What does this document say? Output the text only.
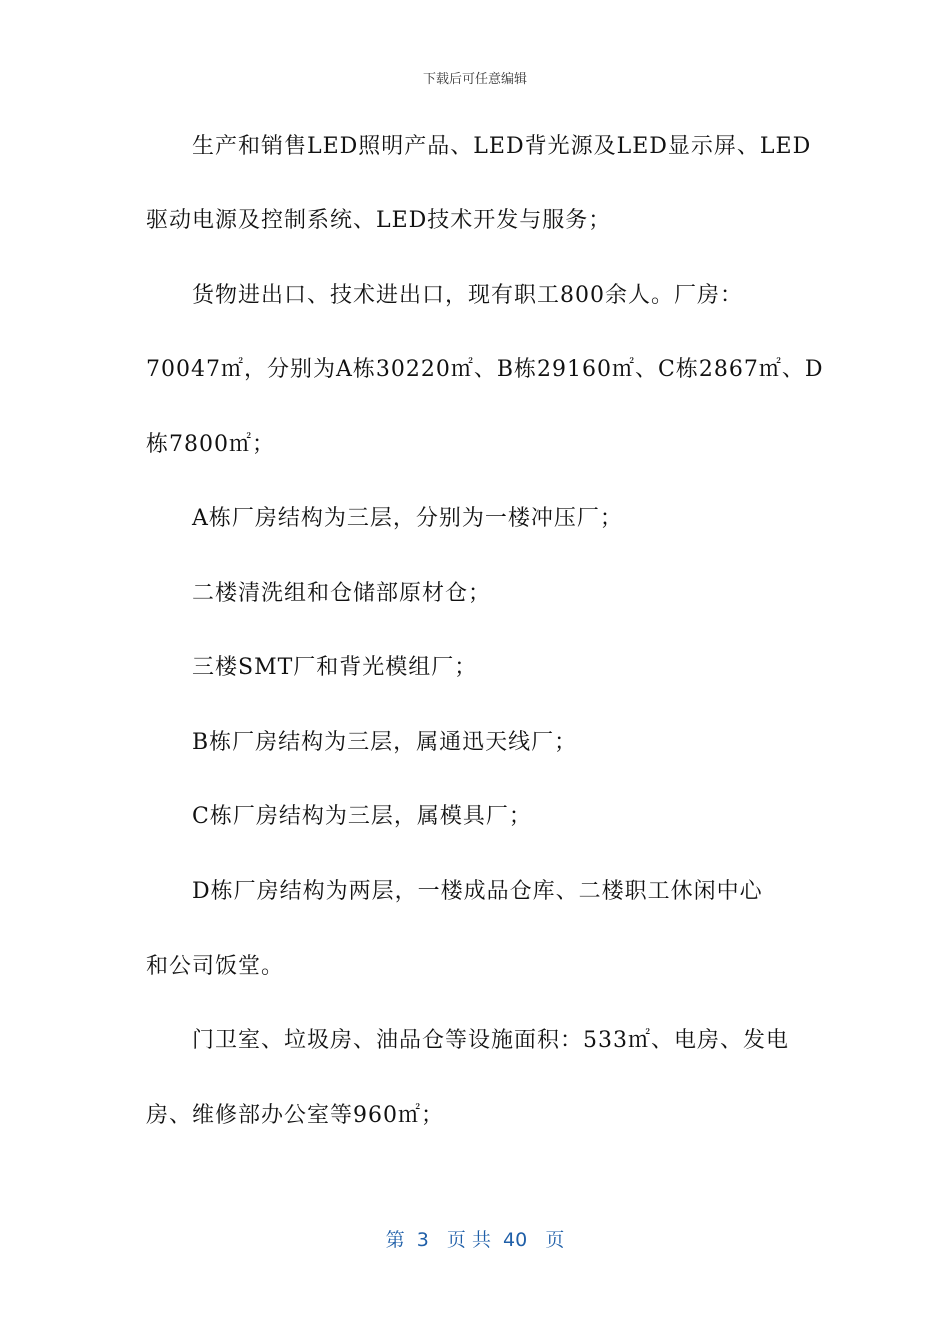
下载后可任意编辑
生产和销售LED照明产品、LED背光源及LED显示屏、LED
驱动电源及控制系统、LED技术开发与服务；
货物进出口、技术进出口，现有职工800余人。厂房：
70047㎡，分别为A栋30220㎡、B栋29160㎡、C栋2867㎡、D
栋7800㎡；
A栋厂房结构为三层，分别为一楼冲压厂；
二楼清洗组和仓储部原材仓；
三楼SMT厂和背光模组厂；
B栋厂房结构为三层，属通迅天线厂；
C栋厂房结构为三层，属模具厂；
D栋厂房结构为两层，一楼成品仓库、二楼职工休闲中心
和公司饭堂。
门卫室、垃圾房、油品仓等设施面积：533㎡、电房、发电
房、维修部办公室等960㎡；
第  3   页 共  40   页
